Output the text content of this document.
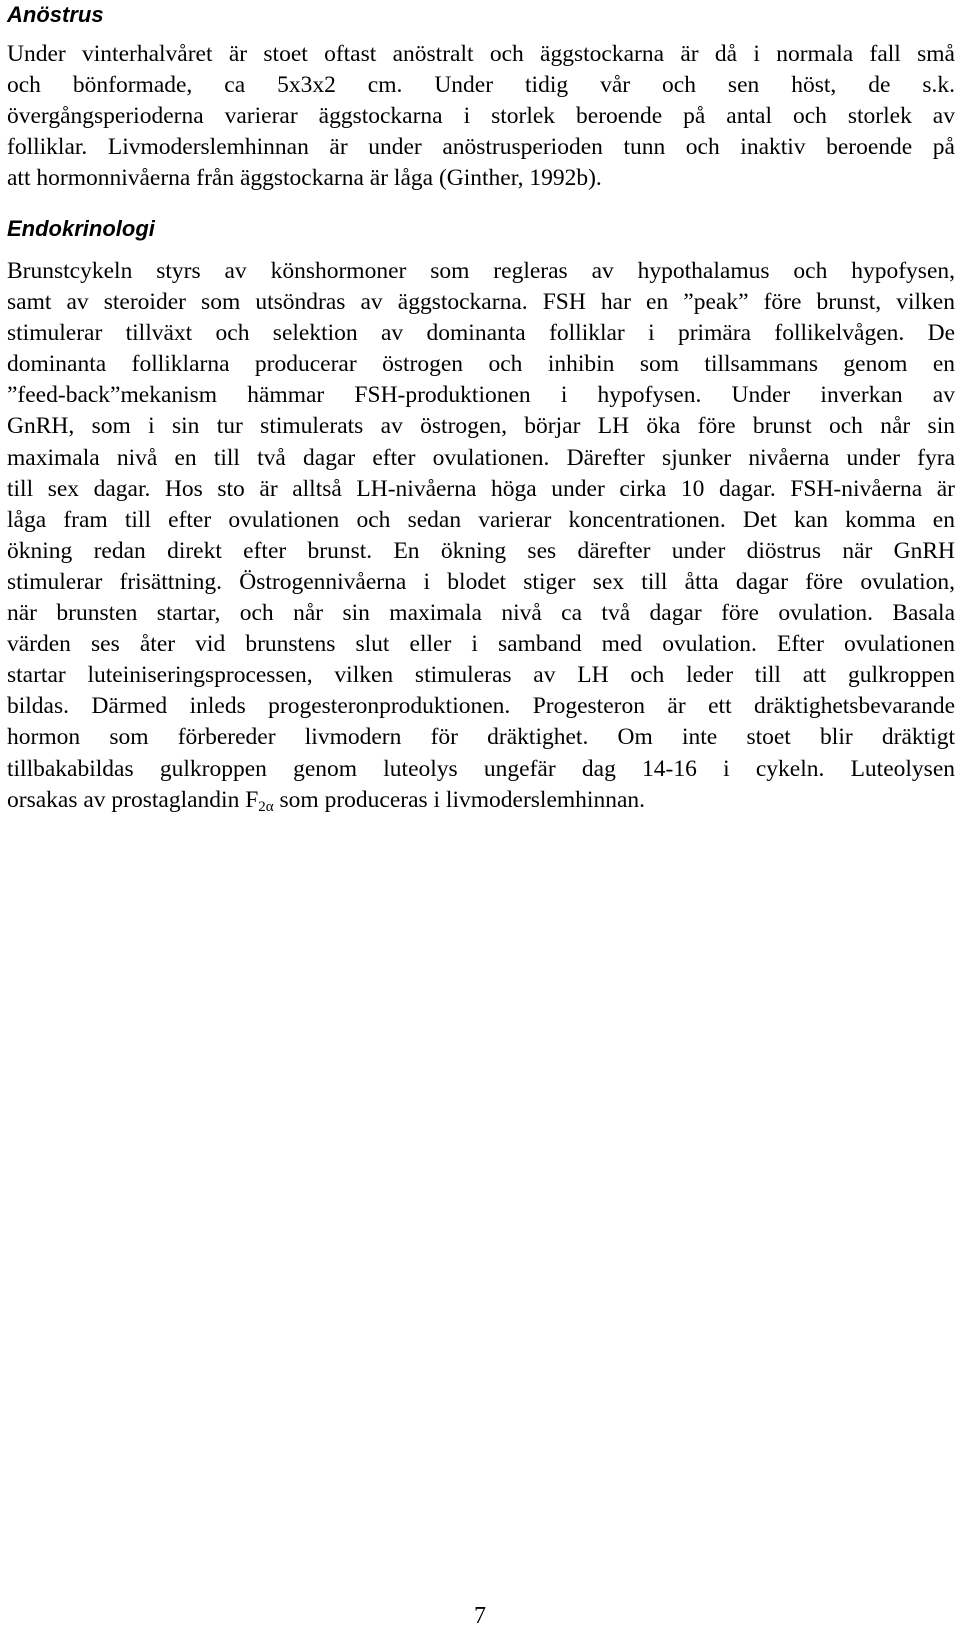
Anöstrus
Under vinterhalvåret är stoet oftast anöstralt och äggstockarna är då i normala fall små
och bönformade, ca 5x3x2 cm. Under tidig vår och sen höst, de s.k.
övergångsperioderna varierar äggstockarna i storlek beroende på antal och storlek av
folliklar. Livmoderslemhinnan är under anöstrusperioden tunn och inaktiv beroende på
att hormonnivåerna från äggstockarna är låga (Ginther, 1992b).
Endokrinologi
Brunstcykeln styrs av könshormoner som regleras av hypothalamus och hypofysen,
samt av steroider som utsöndras av äggstockarna. FSH har en ”peak” före brunst, vilken
stimulerar tillväxt och selektion av dominanta folliklar i primära follikelvågen. De
dominanta folliklarna producerar östrogen och inhibin som tillsammans genom en
”feed-back”mekanism hämmar FSH-produktionen i hypofysen. Under inverkan av
GnRH, som i sin tur stimulerats av östrogen, börjar LH öka före brunst och når sin
maximala nivå en till två dagar efter ovulationen. Därefter sjunker nivåerna under fyra
till sex dagar. Hos sto är alltså LH-nivåerna höga under cirka 10 dagar. FSH-nivåerna är
låga fram till efter ovulationen och sedan varierar koncentrationen. Det kan komma en
ökning redan direkt efter brunst. En ökning ses därefter under diöstrus när GnRH
stimulerar frisättning. Östrogennivåerna i blodet stiger sex till åtta dagar före ovulation,
när brunsten startar, och når sin maximala nivå ca två dagar före ovulation. Basala
värden ses åter vid brunstens slut eller i samband med ovulation. Efter ovulationen
startar luteiniseringsprocessen, vilken stimuleras av LH och leder till att gulkroppen
bildas. Därmed inleds progesteronproduktionen. Progesteron är ett dräktighetsbevarande
hormon som förbereder livmodern för dräktighet. Om inte stoet blir dräktigt
tillbakabildas gulkroppen genom luteolys ungefär dag 14-16 i cykeln. Luteolysen
orsakas av prostaglandin $F_{2\alpha}$ som produceras i livmoderslemhinnan.
7
